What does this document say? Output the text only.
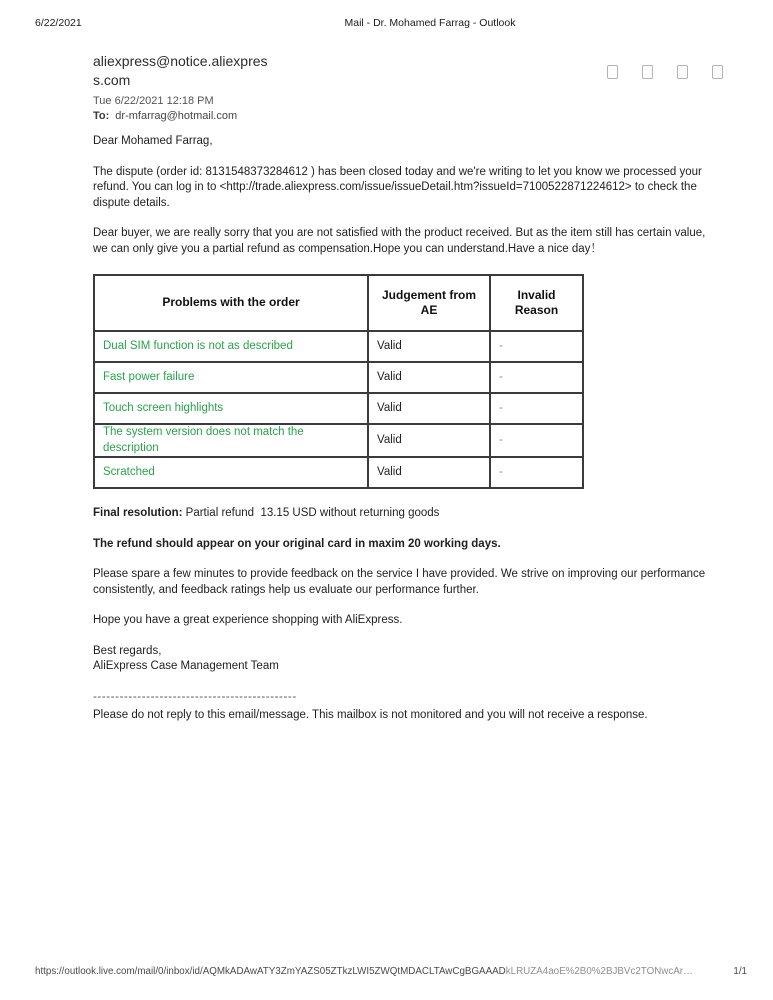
6/22/2021	Mail - Dr. Mohamed Farrag - Outlook
aliexpress@notice.aliexpres
s.com
Tue 6/22/2021 12:18 PM
To: dr-mfarrag@hotmail.com

Dear Mohamed Farrag,

The dispute (order id: 8131548373284612 ) has been closed today and we're writing to let you know we processed your refund. You can log in to <http://trade.aliexpress.com/issue/issueDetail.htm?issueId=7100522871224612> to check the dispute details.

Dear buyer, we are really sorry that you are not satisfied with the product received. But as the item still has certain value, we can only give you a partial refund as compensation.Hope you can understand.Have a nice day！

Problems with the order	Judgement from AE	Invalid Reason
Dual SIM function is not as described	Valid	-
Fast power failure	Valid	-
Touch screen highlights	Valid	-
The system version does not match the description	Valid	-
Scratched	Valid	-

Final resolution: Partial refund  13.15 USD without returning goods

The refund should appear on your original card in maxim 20 working days.

Please spare a few minutes to provide feedback on the service I have provided. We strive on improving our performance consistently, and feedback ratings help us evaluate our performance further.

Hope you have a great experience shopping with AliExpress.

Best regards,
AliExpress Case Management Team

----------------------------------------------

Please do not reply to this email/message. This mailbox is not monitored and you will not receive a response.

https://outlook.live.com/mail/0/inbox/id/AQMkADAwATY3ZmYAZS05ZTkzLWI5ZWQtMDACLTAwCgBGAAADkLRUZA4aoE%2B0%2BJBVc2TONwcAr…	1/1
